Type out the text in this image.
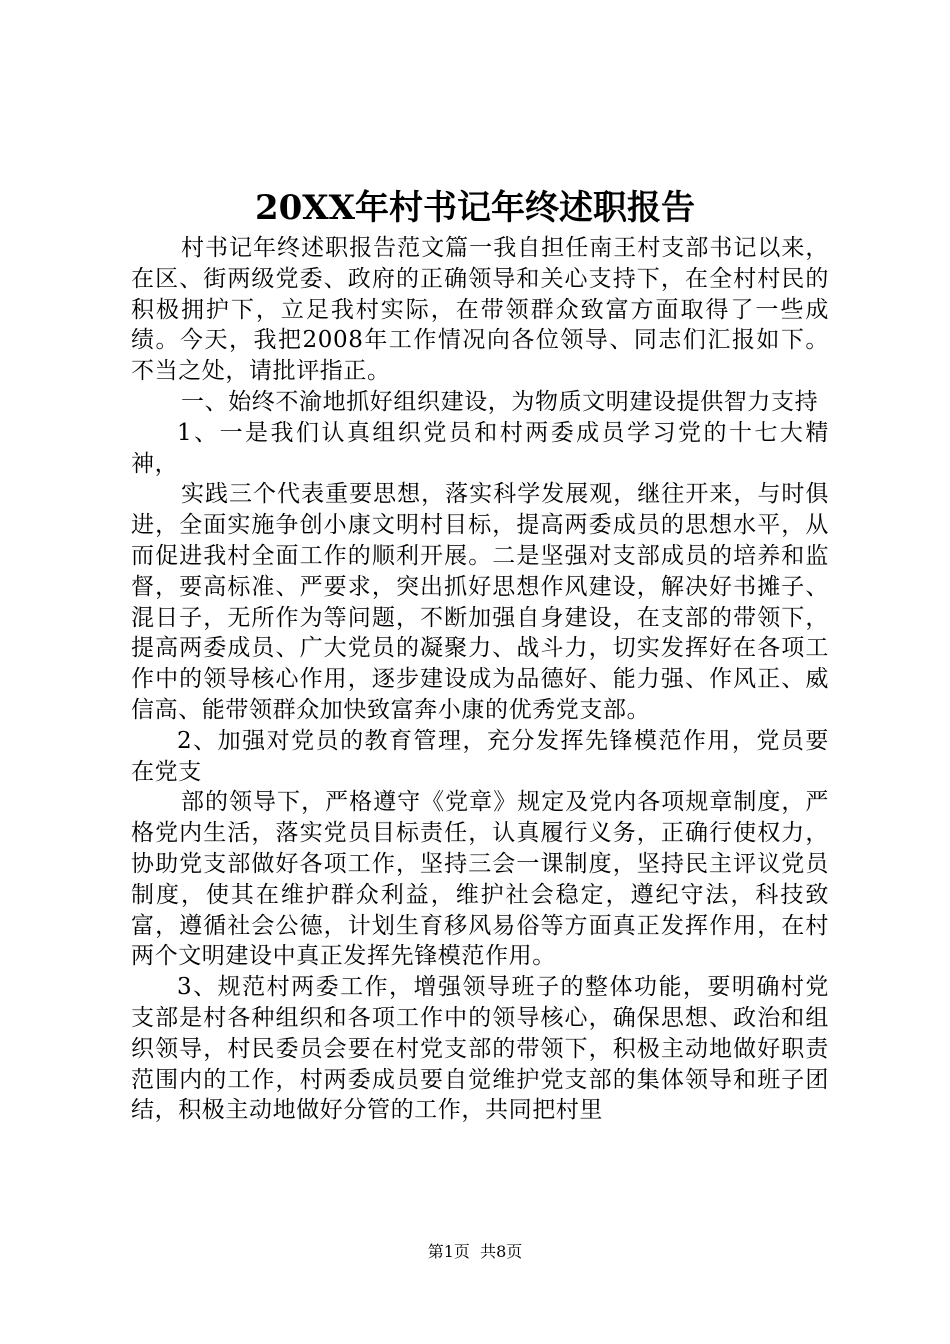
20XX年村书记年终述职报告

村书记年终述职报告范文篇一我自担任南王村支部书记以来，在区、街两级党委、政府的正确领导和关心支持下，在全村村民的积极拥护下，立足我村实际，在带领群众致富方面取得了一些成绩。今天，我把2008年工作情况向各位领导、同志们汇报如下。不当之处，请批评指正。

一、始终不渝地抓好组织建设，为物质文明建设提供智力支持

1、一是我们认真组织党员和村两委成员学习党的十七大精神，

实践三个代表重要思想，落实科学发展观，继往开来，与时俱进，全面实施争创小康文明村目标，提高两委成员的思想水平，从而促进我村全面工作的顺利开展。二是坚强对支部成员的培养和监督，要高标准、严要求，突出抓好思想作风建设，解决好书摊子、混日子，无所作为等问题，不断加强自身建设，在支部的带领下，提高两委成员、广大党员的凝聚力、战斗力，切实发挥好在各项工作中的领导核心作用，逐步建设成为品德好、能力强、作风正、威信高、能带领群众加快致富奔小康的优秀党支部。

2、加强对党员的教育管理，充分发挥先锋模范作用，党员要在党支

部的领导下，严格遵守《党章》规定及党内各项规章制度，严格党内生活，落实党员目标责任，认真履行义务，正确行使权力，协助党支部做好各项工作，坚持三会一课制度，坚持民主评议党员制度，使其在维护群众利益，维护社会稳定，遵纪守法，科技致富，遵循社会公德，计划生育移风易俗等方面真正发挥作用，在村两个文明建设中真正发挥先锋模范作用。

3、规范村两委工作，增强领导班子的整体功能，要明确村党支部是村各种组织和各项工作中的领导核心，确保思想、政治和组织领导，村民委员会要在村党支部的带领下，积极主动地做好职责范围内的工作，村两委成员要自觉维护党支部的集体领导和班子团结，积极主动地做好分管的工作，共同把村里

第1页  共8页
